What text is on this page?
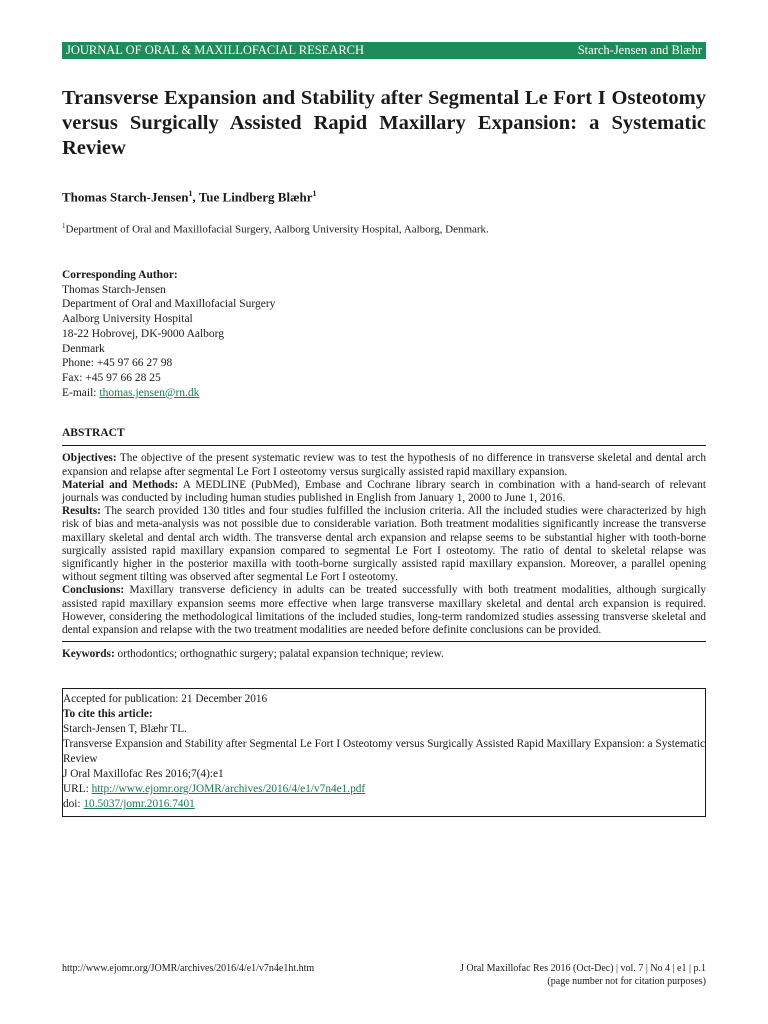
JOURNAL OF ORAL & MAXILLOFACIAL RESEARCH	Starch-Jensen and Blæhr
Transverse Expansion and Stability after Segmental Le Fort I Osteotomy versus Surgically Assisted Rapid Maxillary Expansion: a Systematic Review
Thomas Starch-Jensen$^1$, Tue Lindberg Blæhr$^1$
$^1$Department of Oral and Maxillofacial Surgery, Aalborg University Hospital, Aalborg, Denmark.
Corresponding Author:
Thomas Starch-Jensen
Department of Oral and Maxillofacial Surgery
Aalborg University Hospital
18-22 Hobrovej, DK-9000 Aalborg
Denmark
Phone: +45 97 66 27 98
Fax: +45 97 66 28 25
E-mail: thomas.jensen@rn.dk
ABSTRACT

Objectives: The objective of the present systematic review was to test the hypothesis of no difference in transverse skeletal and dental arch expansion and relapse after segmental Le Fort I osteotomy versus surgically assisted rapid maxillary expansion.

Material and Methods: A MEDLINE (PubMed), Embase and Cochrane library search in combination with a hand-search of relevant journals was conducted by including human studies published in English from January 1, 2000 to June 1, 2016.

Results: The search provided 130 titles and four studies fulfilled the inclusion criteria. All the included studies were characterized by high risk of bias and meta-analysis was not possible due to considerable variation. Both treatment modalities significantly increase the transverse maxillary skeletal and dental arch width. The transverse dental arch expansion and relapse seems to be substantial higher with tooth-borne surgically assisted rapid maxillary expansion compared to segmental Le Fort I osteotomy. The ratio of dental to skeletal relapse was significantly higher in the posterior maxilla with tooth-borne surgically assisted rapid maxillary expansion. Moreover, a parallel opening without segment tilting was observed after segmental Le Fort I osteotomy.

Conclusions: Maxillary transverse deficiency in adults can be treated successfully with both treatment modalities, although surgically assisted rapid maxillary expansion seems more effective when large transverse maxillary skeletal and dental arch expansion is required. However, considering the methodological limitations of the included studies, long-term randomized studies assessing transverse skeletal and dental expansion and relapse with the two treatment modalities are needed before definite conclusions can be provided.

Keywords: orthodontics; orthognathic surgery; palatal expansion technique; review.
Accepted for publication: 21 December 2016
To cite this article:
Starch-Jensen T, Blæhr TL.
Transverse Expansion and Stability after Segmental Le Fort I Osteotomy versus Surgically Assisted Rapid Maxillary Expansion: a Systematic Review
J Oral Maxillofac Res 2016;7(4):e1
URL: http://www.ejomr.org/JOMR/archives/2016/4/e1/v7n4e1.pdf
doi: 10.5037/jomr.2016.7401
http://www.ejomr.org/JOMR/archives/2016/4/e1/v7n4e1ht.htm	J Oral Maxillofac Res 2016 (Oct-Dec) | vol. 7 | No 4 | e1 | p.1
(page number not for citation purposes)
